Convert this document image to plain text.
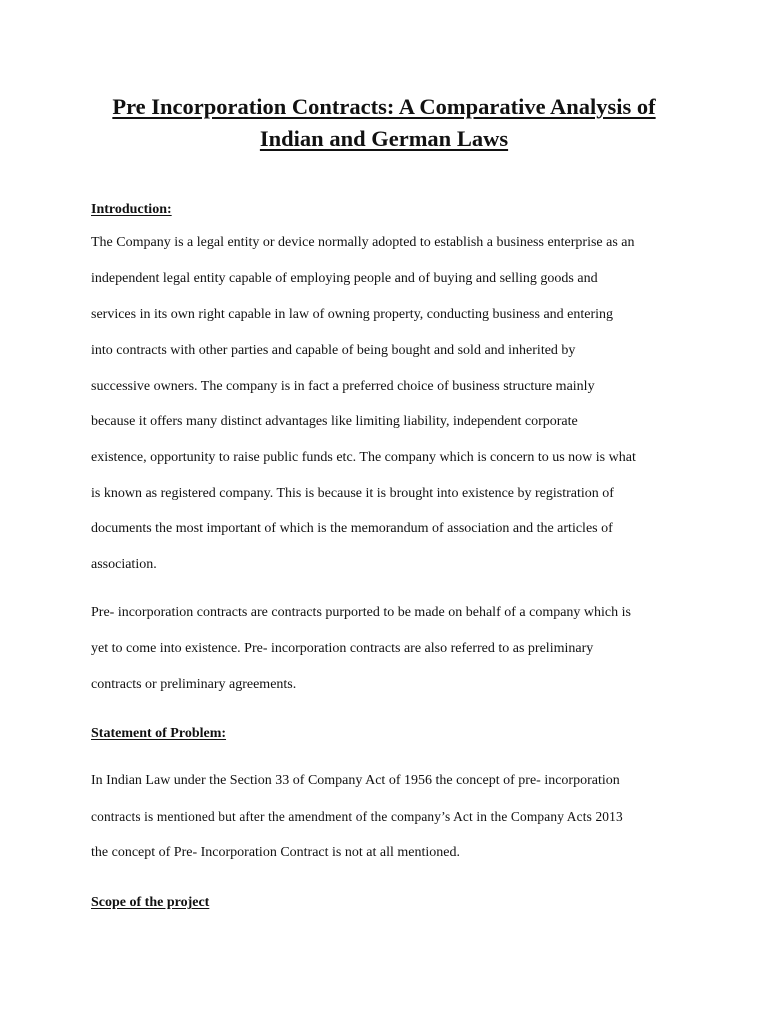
Pre Incorporation Contracts: A Comparative Analysis of
Indian and German Laws
Introduction:
The Company is a legal entity or device normally adopted to establish a business enterprise as an
independent legal entity capable of employing people and of buying and selling goods and
services in its own right capable in law of owning property, conducting business and entering
into contracts with other parties and capable of being bought and sold and inherited by
successive owners. The company is in fact a preferred choice of business structure mainly
because it offers many distinct advantages like limiting liability, independent corporate
existence, opportunity to raise public funds etc. The company which is concern to us now is what
is known as registered company. This is because it is brought into existence by registration of
documents the most important of which is the memorandum of association and the articles of
association.
Pre- incorporation contracts are contracts purported to be made on behalf of a company which is
yet to come into existence. Pre- incorporation contracts are also referred to as preliminary
contracts or preliminary agreements.
Statement of Problem:
In Indian Law under the Section 33 of Company Act of 1956 the concept of pre- incorporation
contracts is mentioned but after the amendment of the company’s Act in the Company Acts 2013
the concept of Pre- Incorporation Contract is not at all mentioned.
Scope of the project
